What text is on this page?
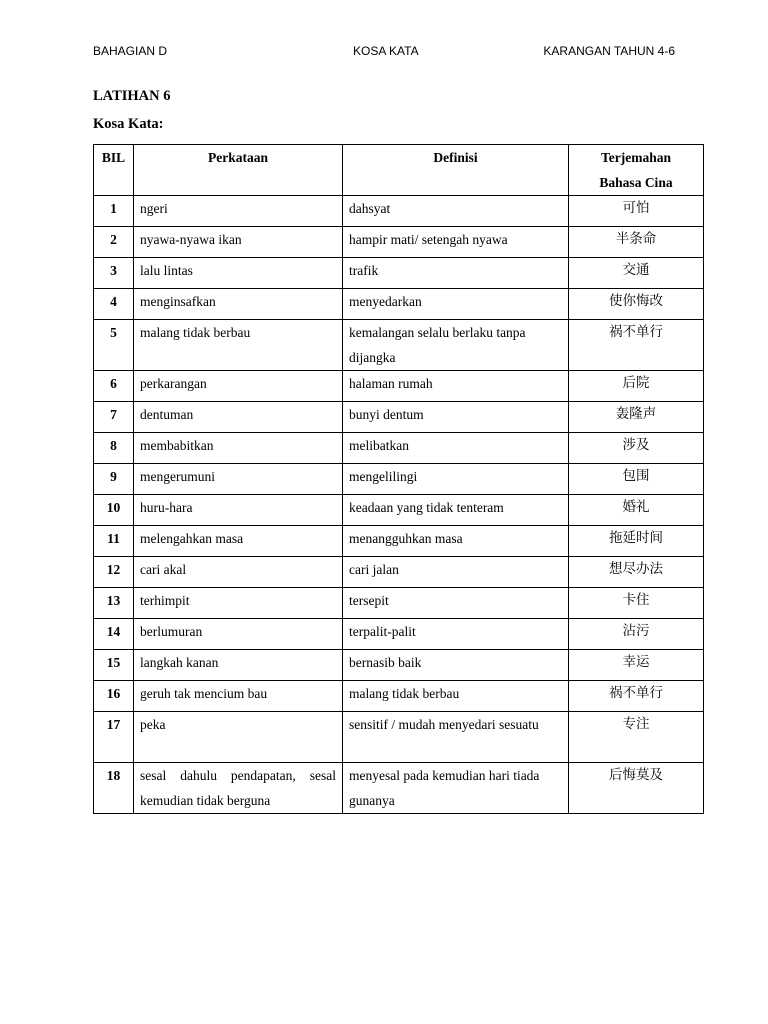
BAHAGIAN D	KOSA KATA	KARANGAN TAHUN 4-6
LATIHAN 6
Kosa Kata:
BIL	Perkataan	Definisi	Terjemahan
Bahasa Cina
1	ngeri	dahsyat	可怕
2	nyawa-nyawa ikan	hampir mati/ setengah nyawa	半条命
3	lalu lintas	trafik	交通
4	menginsafkan	menyedarkan	使你悔改
5	malang tidak berbau	kemalangan selalu berlaku tanpa dijangka	祸不单行
6	perkarangan	halaman rumah	后院
7	dentuman	bunyi dentum	轰隆声
8	membabitkan	melibatkan	涉及
9	mengerumuni	mengelilingi	包围
10	huru-hara	keadaan yang tidak tenteram	婚礼
11	melengahkan masa	menangguhkan masa	拖延时间
12	cari akal	cari jalan	想尽办法
13	terhimpit	tersepit	卡住
14	berlumuran	terpalit-palit	沾污
15	langkah kanan	bernasib baik	幸运
16	geruh tak mencium bau	malang tidak berbau	祸不单行
17	peka	sensitif / mudah menyedari sesuatu	专注
18	sesal dahulu pendapatan, sesal kemudian tidak berguna	menyesal pada kemudian hari tiada gunanya	后悔莫及
